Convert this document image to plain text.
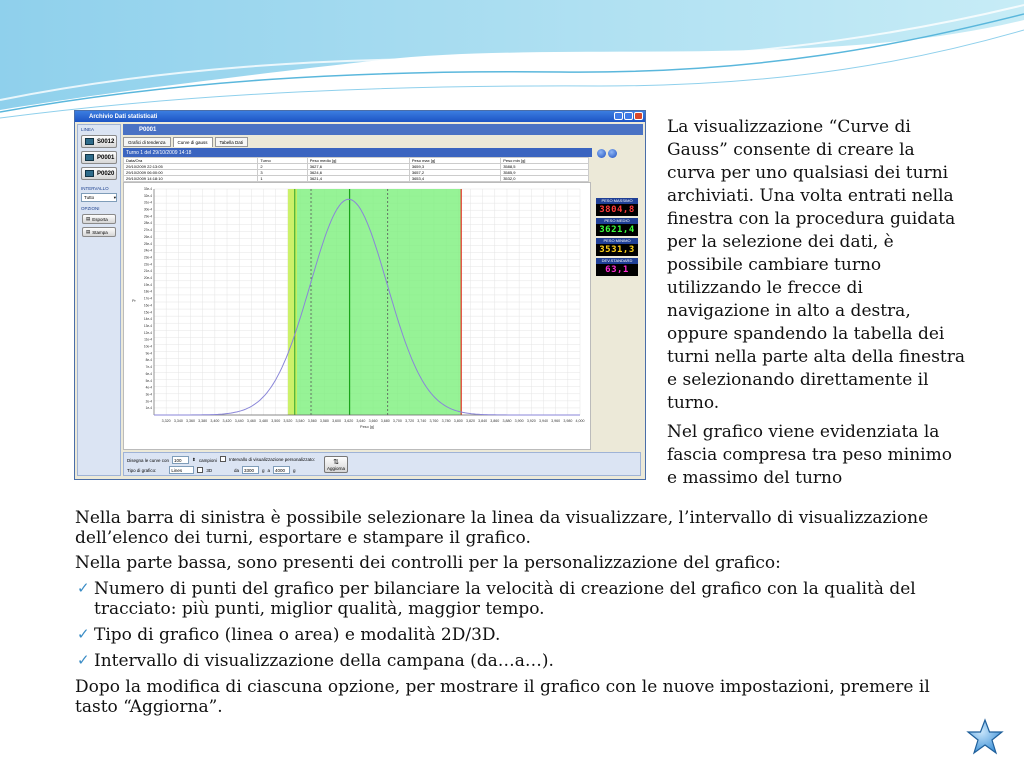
Archivio Dati statisticati
LINEA
S0012
P0001
P0020
INTERVALLO
Tutto	▾
OPZIONI
▤ Esporta
▤ Stampa
P0001
Grafici di tendenza	Curve di gauss	Tabella Dati
Turno 1 del 29/10/2009 14:18
Data/Ora	Turno	Peso medio [g]	Peso max [g]	Peso min [g]
29/10/2009 22:13:05	2	3627,6	3659,3	3588,5
29/10/2009 06:00:00	3	3624,6	3657,2	3585,9
29/10/2009 14:18:10	1	3621,4	3653,4	3532,0
3,320 3,340 3,360 3,380 3,400 3,420 3,440 3,460 3,480 3,500 3,520 3,540 3,560 3,580 3,600 3,620 3,640 3,660 3,680 3,700 3,720 3,740 3,760 3,780 3,800 3,820 3,840 3,860 3,880 3,900 3,920 3,940 3,960 3,980 4,000
Peso [g]
Pr
1e-4
2e-4
3e-4
4e-4
5e-4
6e-4
7e-4
8e-4
9e-4
10e-4
11e-4
12e-4
13e-4
14e-4
15e-4
16e-4
17e-4
18e-4
19e-4
20e-4
21e-4
22e-4
23e-4
24e-4
25e-4
26e-4
27e-4
28e-4
29e-4
30e-4
31e-4
32e-4
33e-4
Disegna le curve con	100	⬍ campioni	Intervallo di visualizzazione personalizzato:
Tipo di grafico:	Lines	3D	da	3300	g a	4000	g
⇅
Aggiorna
PESO MASSIMO
3804,8
PESO MEDIO
3621,4
PESO MINIMO
3531,3
DEV.STANDARD
63,1
La visualizzazione “Curve di Gauss” consente di creare la curva per uno qualsiasi dei turni archiviati. Una volta entrati nella finestra con la procedura guidata per la selezione dei dati, è possibile cambiare turno utilizzando le frecce di navigazione in alto a destra, oppure spandendo la tabella dei turni nella parte alta della finestra e selezionando direttamente il turno.
Nel grafico viene evidenziata la fascia compresa tra peso minimo e massimo del turno
Nella barra di sinistra è possibile selezionare la linea da visualizzare, l’intervallo di visualizzazione dell’elenco dei turni, esportare e stampare il grafico.
Nella parte bassa, sono presenti dei controlli per la personalizzazione del grafico:
✓ Numero di punti del grafico per bilanciare la velocità di creazione del grafico con la qualità del tracciato: più punti, miglior qualità, maggior tempo.
✓ Tipo di grafico (linea o area) e modalità 2D/3D.
✓ Intervallo di visualizzazione della campana (da…a…).
Dopo la modifica di ciascuna opzione, per mostrare il grafico con le nuove impostazioni, premere il tasto “Aggiorna”.
